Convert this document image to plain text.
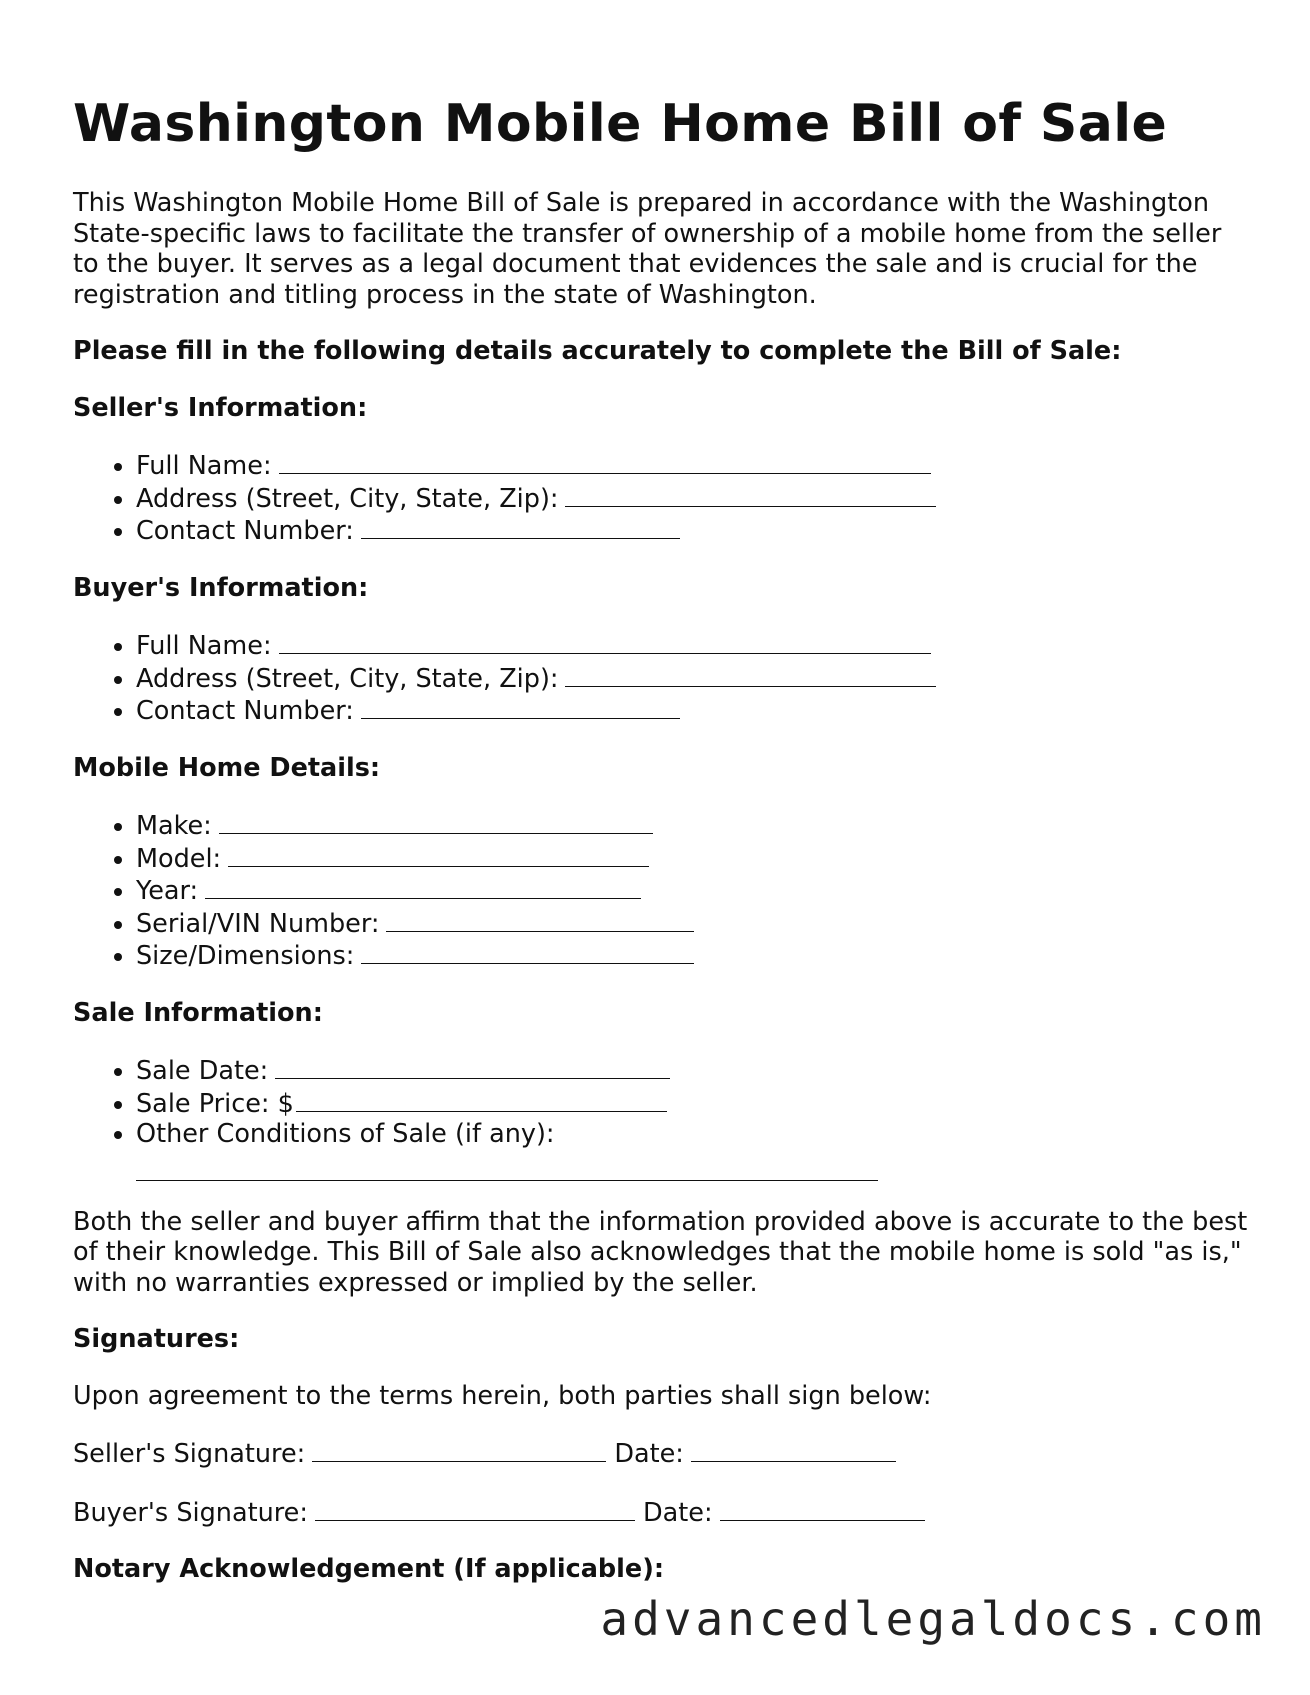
Washington Mobile Home Bill of Sale

This Washington Mobile Home Bill of Sale is prepared in accordance with the Washington State-specific laws to facilitate the transfer of ownership of a mobile home from the seller to the buyer. It serves as a legal document that evidences the sale and is crucial for the registration and titling process in the state of Washington.

Please fill in the following details accurately to complete the Bill of Sale:

Seller's Information:
• Full Name:
• Address (Street, City, State, Zip):
• Contact Number:
Buyer's Information:
• Full Name:
• Address (Street, City, State, Zip):
• Contact Number:
Mobile Home Details:
• Make:
• Model:
• Year:
• Serial/VIN Number:
• Size/Dimensions:
Sale Information:
• Sale Date:
• Sale Price: $
• Other Conditions of Sale (if any):

Both the seller and buyer affirm that the information provided above is accurate to the best of their knowledge. This Bill of Sale also acknowledges that the mobile home is sold "as is," with no warranties expressed or implied by the seller.

Signatures:

Upon agreement to the terms herein, both parties shall sign below:

Seller's Signature:	Date:

Buyer's Signature:	Date:

Notary Acknowledgement (If applicable):
advancedlegaldocs.com
